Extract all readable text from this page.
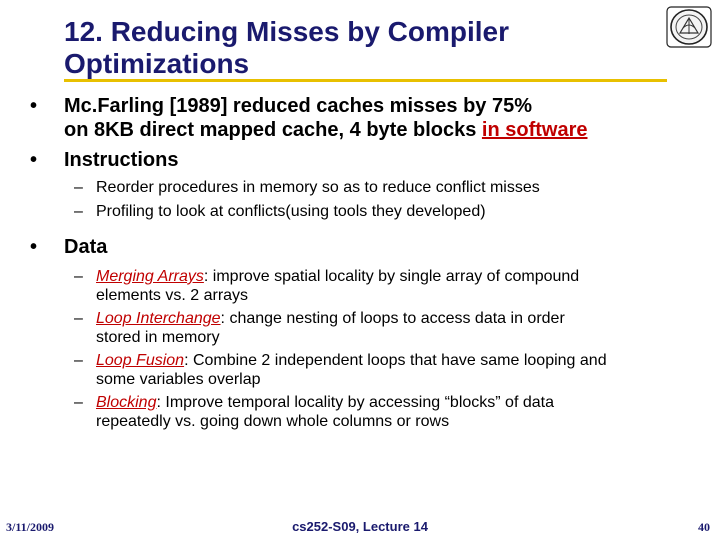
12. Reducing Misses by Compiler
Optimizations

• Mc.Farling [1989] reduced caches misses by 75%
on 8KB direct mapped cache, 4 byte blocks in software

• Instructions

– Reorder procedures in memory so as to reduce conflict misses
– Profiling to look at conflicts(using tools they developed)

• Data

– Merging Arrays: improve spatial locality by single array of compound
elements vs. 2 arrays
– Loop Interchange: change nesting of loops to access data in order
stored in memory
– Loop Fusion: Combine 2 independent loops that have same looping and
some variables overlap
– Blocking: Improve temporal locality by accessing “blocks” of data
repeatedly vs. going down whole columns or rows
3/11/2009	cs252-S09, Lecture 14	40
